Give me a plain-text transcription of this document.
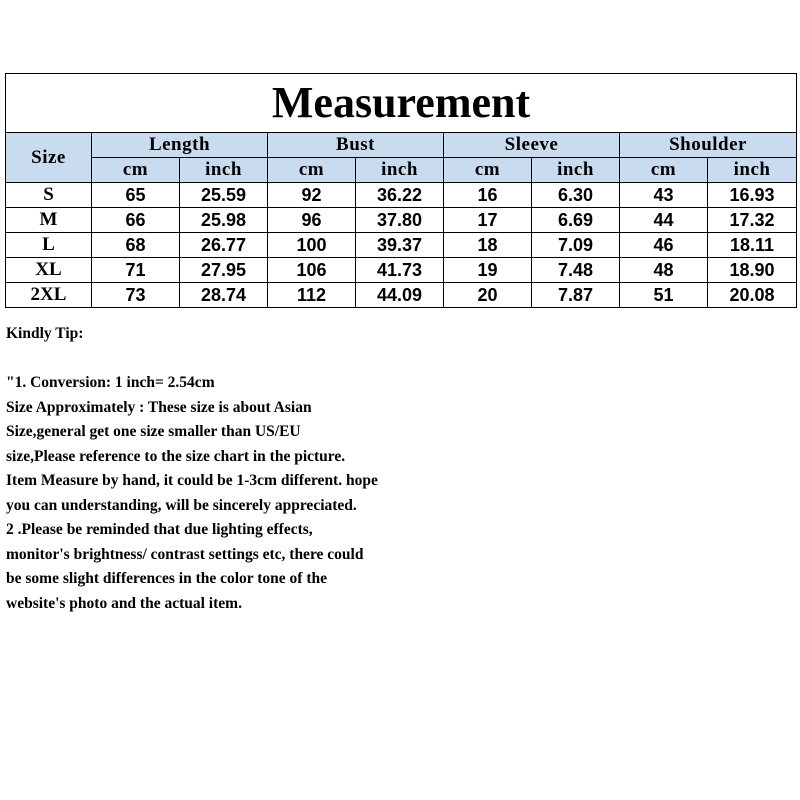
Measurement								
Size	Length		Bust		Sleeve		Shoulder	
	cm	inch	cm	inch	cm	inch	cm	inch
S	65	25.59	92	36.22	16	6.30	43	16.93
M	66	25.98	96	37.80	17	6.69	44	17.32
L	68	26.77	100	39.37	18	7.09	46	18.11
XL	71	27.95	106	41.73	19	7.48	48	18.90
2XL	73	28.74	112	44.09	20	7.87	51	20.08

Kindly Tip:

"1. Conversion: 1 inch= 2.54cm

Size Approximately : These size is about Asian

Size,general get one size smaller than US/EU

size,Please reference to the size chart in the picture.

Item Measure by hand, it could be 1-3cm different. hope

you can understanding, will be sincerely appreciated.

2 .Please be reminded that due lighting effects,

monitor's brightness/ contrast settings etc, there could

be some slight differences in the color tone of the

website's photo and the actual item.
